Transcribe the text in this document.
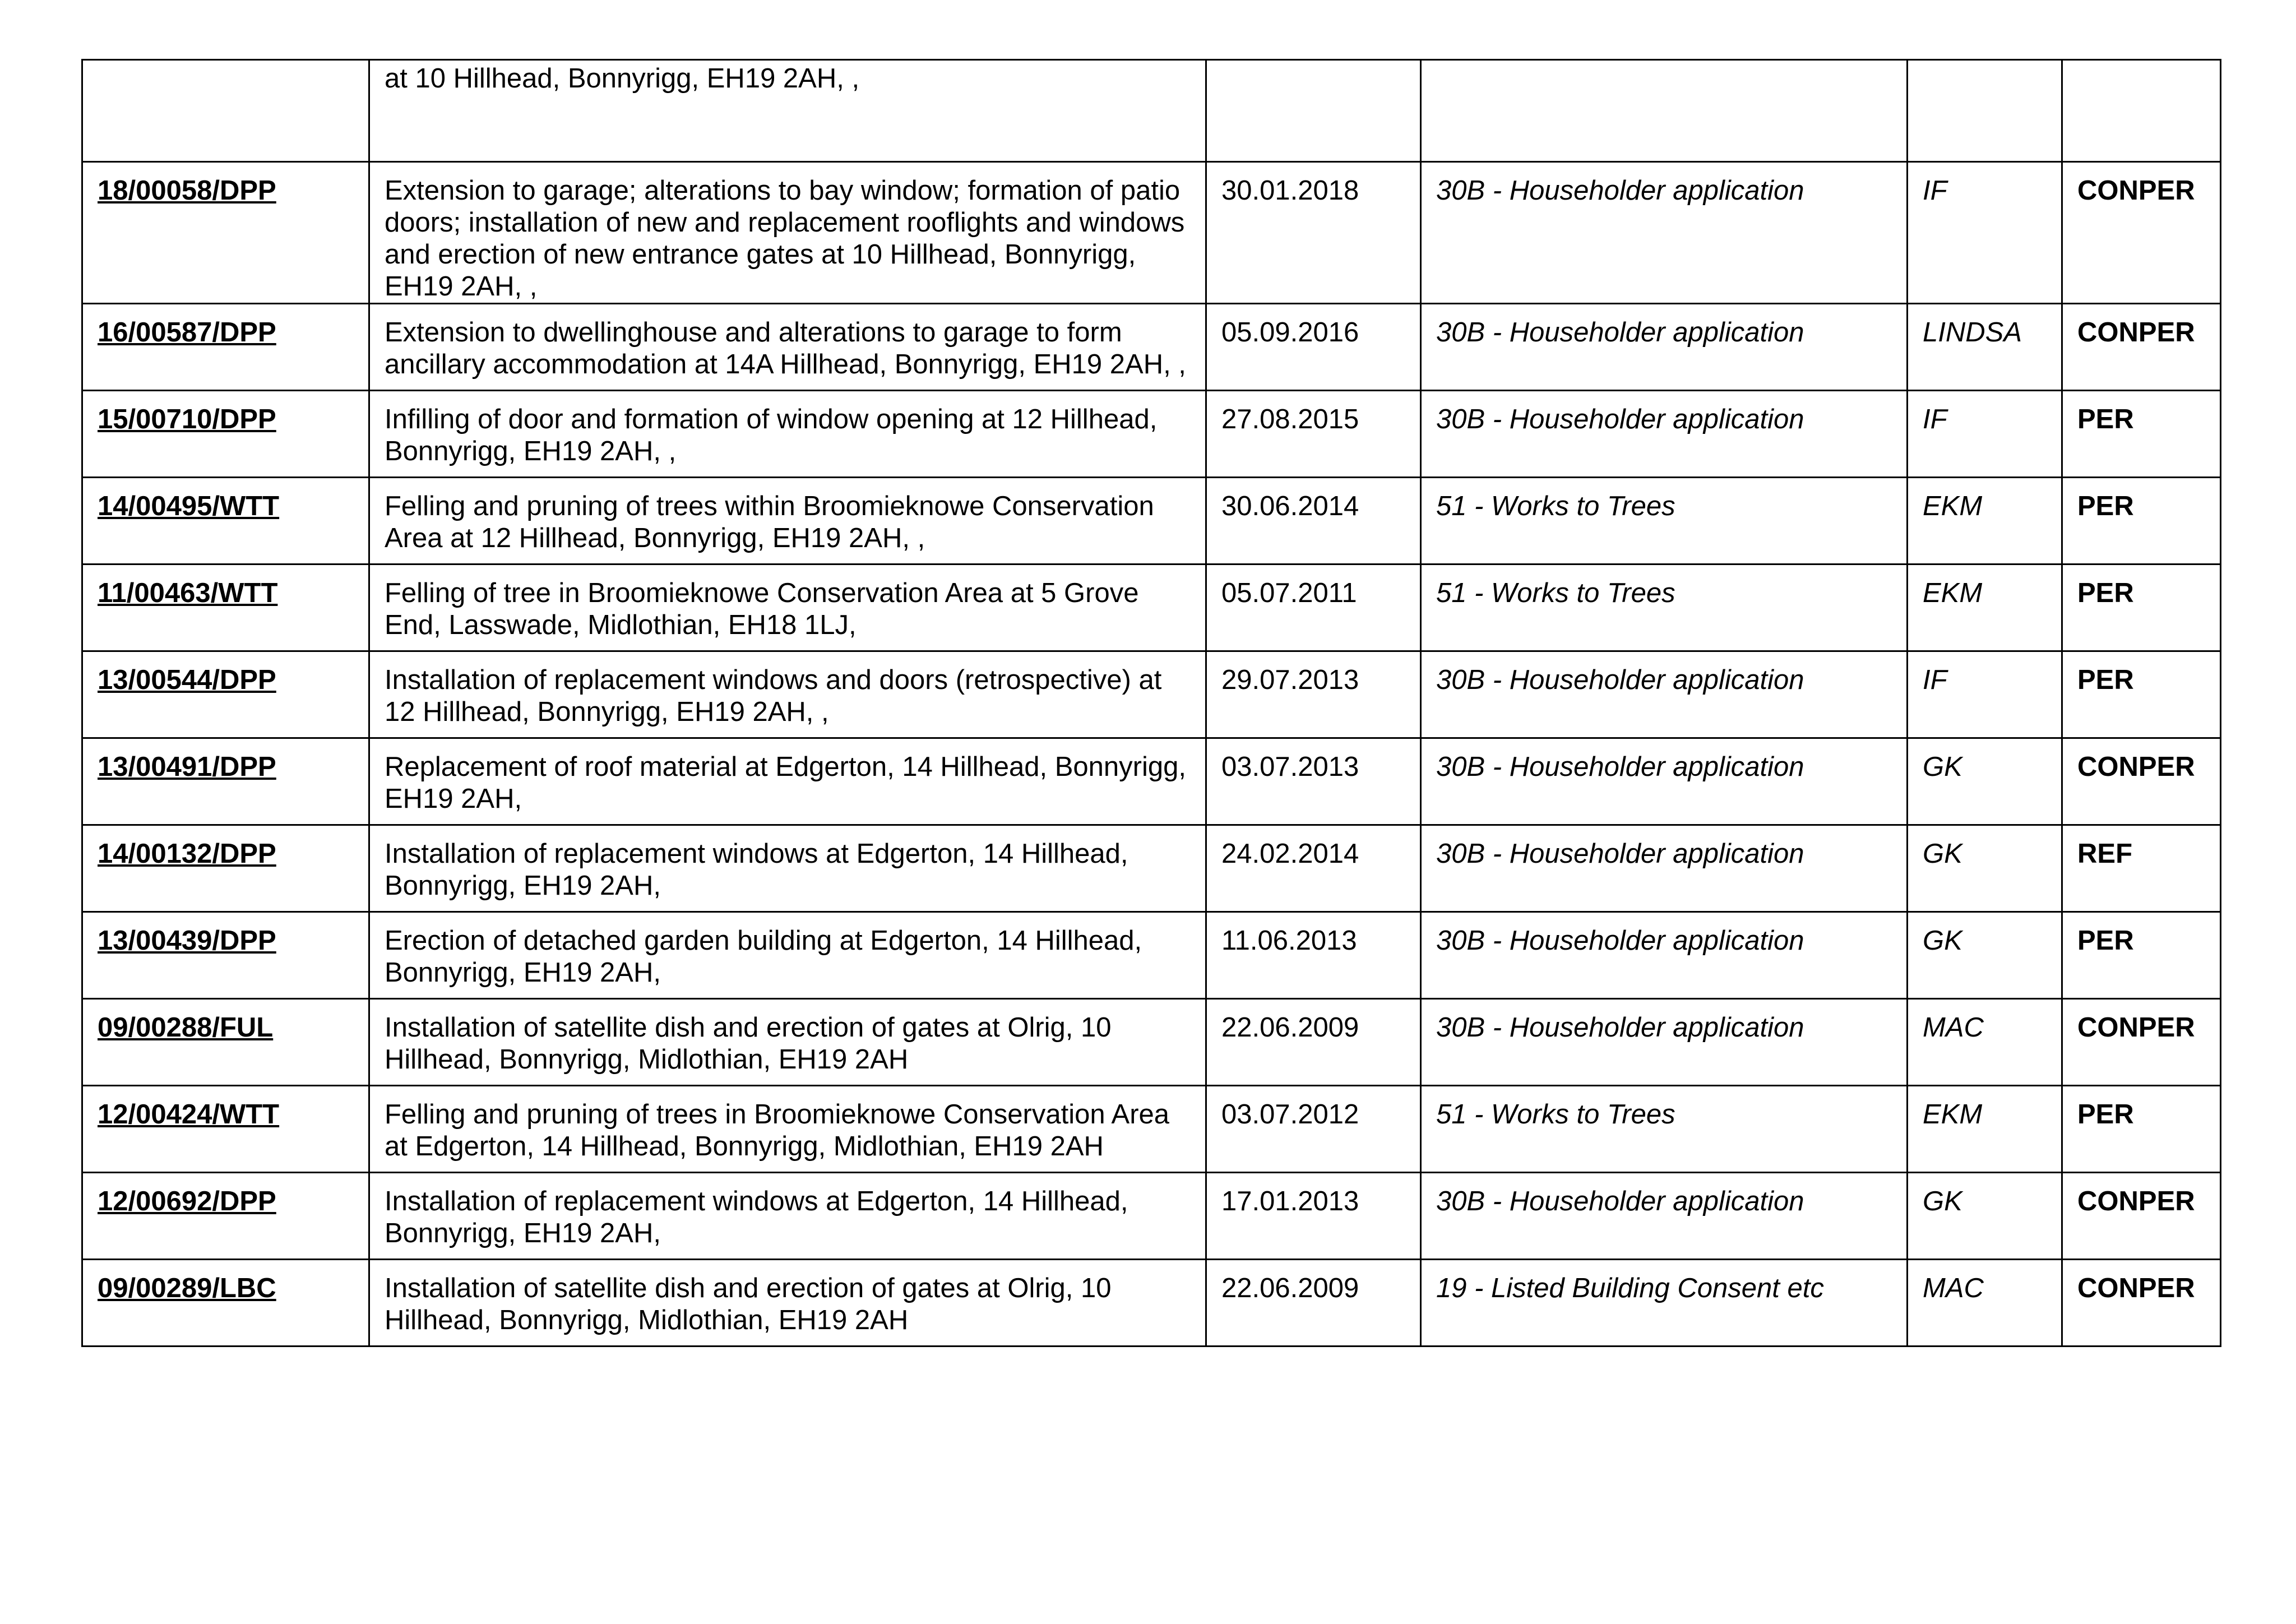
	at 10 Hillhead, Bonnyrigg, EH19 2AH, ,				
18/00058/DPP	Extension to garage; alterations to bay window; formation of patio doors; installation of new and replacement rooflights and windows and erection of new entrance gates at 10 Hillhead, Bonnyrigg, EH19 2AH, ,	30.01.2018	30B - Householder application	IF	CONPER
16/00587/DPP	Extension to dwellinghouse and alterations to garage to form ancillary accommodation at 14A Hillhead, Bonnyrigg, EH19 2AH, ,	05.09.2016	30B - Householder application	LINDSA	CONPER
15/00710/DPP	Infilling of door and formation of window opening at 12 Hillhead, Bonnyrigg, EH19 2AH, ,	27.08.2015	30B - Householder application	IF	PER
14/00495/WTT	Felling and pruning of trees within Broomieknowe Conservation Area at 12 Hillhead, Bonnyrigg, EH19 2AH, ,	30.06.2014	51 - Works to Trees	EKM	PER
11/00463/WTT	Felling of tree in Broomieknowe Conservation Area at 5 Grove End, Lasswade, Midlothian, EH18 1LJ,	05.07.2011	51 - Works to Trees	EKM	PER
13/00544/DPP	Installation of replacement windows and doors (retrospective) at 12 Hillhead, Bonnyrigg, EH19 2AH, ,	29.07.2013	30B - Householder application	IF	PER
13/00491/DPP	Replacement of roof material at Edgerton, 14 Hillhead, Bonnyrigg, EH19 2AH,	03.07.2013	30B - Householder application	GK	CONPER
14/00132/DPP	Installation of replacement windows at Edgerton, 14 Hillhead, Bonnyrigg, EH19 2AH,	24.02.2014	30B - Householder application	GK	REF
13/00439/DPP	Erection of detached garden building at Edgerton, 14 Hillhead, Bonnyrigg, EH19 2AH,	11.06.2013	30B - Householder application	GK	PER
09/00288/FUL	Installation of satellite dish and erection of gates at Olrig, 10 Hillhead, Bonnyrigg, Midlothian, EH19 2AH	22.06.2009	30B - Householder application	MAC	CONPER
12/00424/WTT	Felling and pruning of trees in Broomieknowe Conservation Area at Edgerton, 14 Hillhead, Bonnyrigg, Midlothian, EH19 2AH	03.07.2012	51 - Works to Trees	EKM	PER
12/00692/DPP	Installation of replacement windows at Edgerton, 14 Hillhead, Bonnyrigg, EH19 2AH,	17.01.2013	30B - Householder application	GK	CONPER
09/00289/LBC	Installation of satellite dish and erection of gates at Olrig, 10 Hillhead, Bonnyrigg, Midlothian, EH19 2AH	22.06.2009	19 - Listed Building Consent etc	MAC	CONPER
